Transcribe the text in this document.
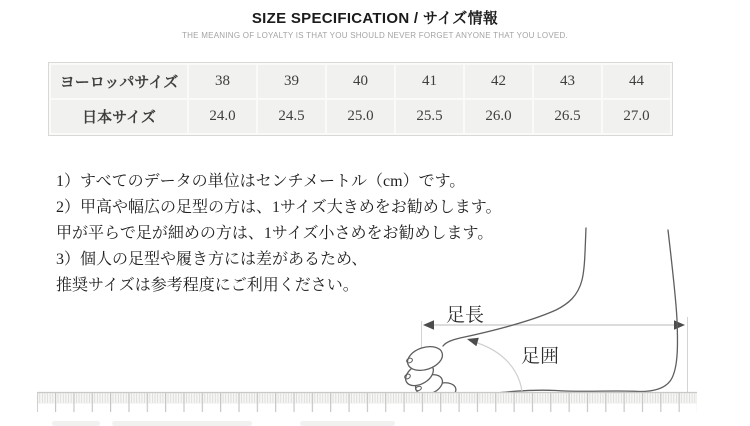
SIZE SPECIFICATION / サイズ情報
THE MEANING OF LOYALTY IS THAT YOU SHOULD NEVER FORGET ANYONE THAT YOU LOVED.
ヨーロッパサイズ	38	39	40	41	42	43	44
日本サイズ	24.0	24.5	25.0	25.5	26.0	26.5	27.0
1）すべてのデータの単位はセンチメートル（cm）です。
2）甲高や幅広の足型の方は、1サイズ大きめをお勧めします。
甲が平らで足が細めの方は、1サイズ小さめをお勧めします。
3）個人の足型や履き方には差があるため、
推奨サイズは参考程度にご利用ください。
足長
足囲
